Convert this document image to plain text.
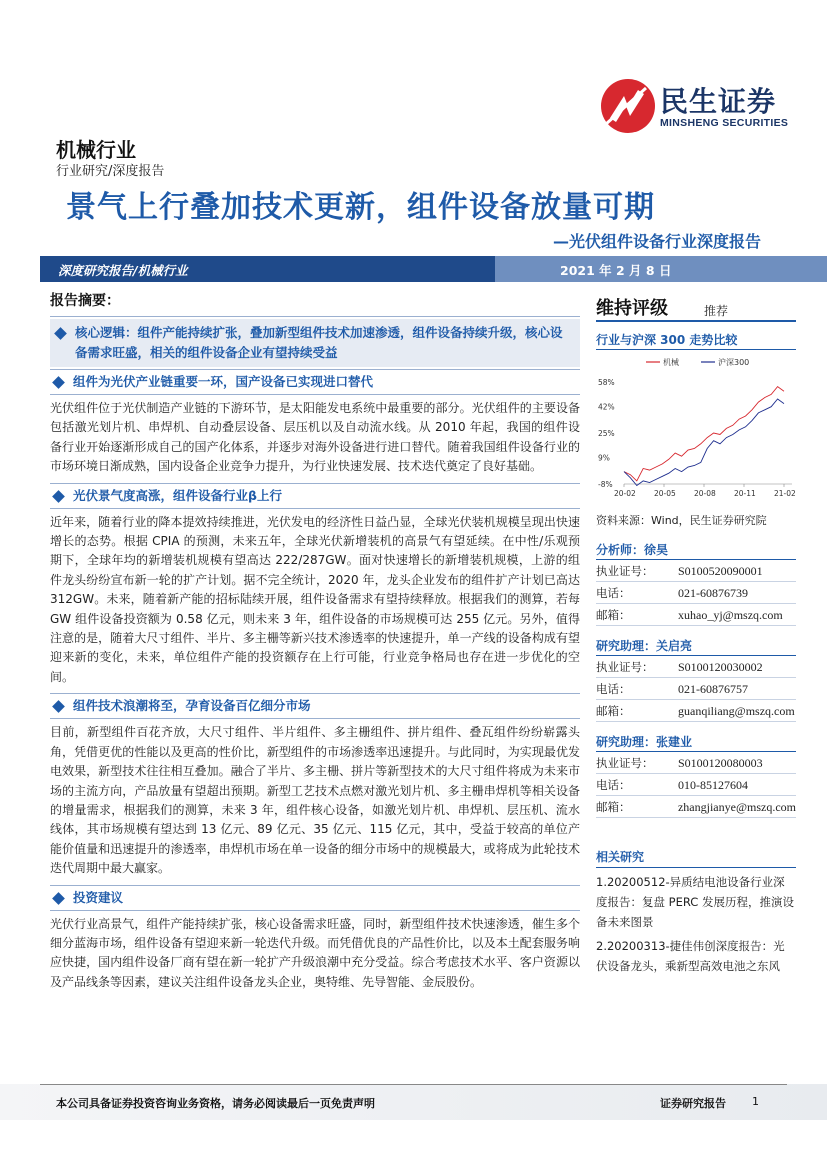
民生证券
MINSHENG SECURITIES
机械行业
行业研究/深度报告
景气上行叠加技术更新，组件设备放量可期
—光伏组件设备行业深度报告
深度研究报告/机械行业	2021 年 2 月 8 日
报告摘要：
核心逻辑：组件产能持续扩张，叠加新型组件技术加速渗透，组件设备持续升级，核心设备需求旺盛，相关的组件设备企业有望持续受益
组件为光伏产业链重要一环，国产设备已实现进口替代
光伏组件位于光伏制造产业链的下游环节，是太阳能发电系统中最重要的部分。光伏组件的主要设备包括激光划片机、串焊机、自动叠层设备、层压机以及自动流水线。从 2010 年起，我国的组件设备行业开始逐渐形成自己的国产化体系，并逐步对海外设备进行进口替代。随着我国组件设备行业的市场环境日渐成熟，国内设备企业竞争力提升，为行业快速发展、技术迭代奠定了良好基础。
光伏景气度高涨，组件设备行业β上行
近年来，随着行业的降本提效持续推进，光伏发电的经济性日益凸显，全球光伏装机规模呈现出快速增长的态势。根据 CPIA 的预测，未来五年，全球光伏新增装机的高景气有望延续。在中性/乐观预期下，全球年均的新增装机规模有望高达 222/287GW。面对快速增长的新增装机规模，上游的组件龙头纷纷宣布新一轮的扩产计划。据不完全统计，2020 年，龙头企业发布的组件扩产计划已高达 312GW。未来，随着新产能的招标陆续开展，组件设备需求有望持续释放。根据我们的测算，若每 GW 组件设备投资额为 0.58 亿元，则未来 3 年，组件设备的市场规模可达 255 亿元。另外，值得注意的是，随着大尺寸组件、半片、多主栅等新兴技术渗透率的快速提升，单一产线的设备构成有望迎来新的变化，未来，单位组件产能的投资额存在上行可能，行业竞争格局也存在进一步优化的空间。
组件技术浪潮将至，孕育设备百亿细分市场
目前，新型组件百花齐放，大尺寸组件、半片组件、多主栅组件、拼片组件、叠瓦组件纷纷崭露头角，凭借更优的性能以及更高的性价比，新型组件的市场渗透率迅速提升。与此同时，为实现最优发电效果，新型技术往往相互叠加。融合了半片、多主栅、拼片等新型技术的大尺寸组件将成为未来市场的主流方向，产品放量有望超出预期。新型工艺技术点燃对激光划片机、多主栅串焊机等相关设备的增量需求，根据我们的测算，未来 3 年，组件核心设备，如激光划片机、串焊机、层压机、流水线体，其市场规模有望达到 13 亿元、89 亿元、35 亿元、115 亿元，其中，受益于较高的单位产能价值量和迅速提升的渗透率，串焊机市场在单一设备的细分市场中的规模最大，或将成为此轮技术迭代周期中最大赢家。
投资建议
光伏行业高景气，组件产能持续扩张，核心设备需求旺盛，同时，新型组件技术快速渗透，催生多个细分蓝海市场，组件设备有望迎来新一轮迭代升级。而凭借优良的产品性价比，以及本土配套服务响应快捷，国内组件设备厂商有望在新一轮扩产升级浪潮中充分受益。综合考虑技术水平、客户资源以及产品线条等因素，建议关注组件设备龙头企业，奥特维、先导智能、金辰股份。
维持评级	推荐
行业与沪深 300 走势比较
机械	沪深300
58%
42%
25%
9%
-8%
20-02 20-05 20-08 20-11 21-02
资料来源：Wind，民生证券研究院
分析师：徐昊
执业证号：	S0100520090001
电话：	021-60876739
邮箱：	xuhao_yj@mszq.com
研究助理：关启亮
执业证号：	S0100120030002
电话：	021-60876757
邮箱：	guanqiliang@mszq.com
研究助理：张建业
执业证号：	S0100120080003
电话：	010-85127604
邮箱：	zhangjianye@mszq.com
相关研究
1.20200512-异质结电池设备行业深度报告：复盘 PERC 发展历程，推演设备未来图景
2.20200313-捷佳伟创深度报告：光伏设备龙头，乘新型高效电池之东风
本公司具备证券投资咨询业务资格，请务必阅读最后一页免责声明	证券研究报告 1
